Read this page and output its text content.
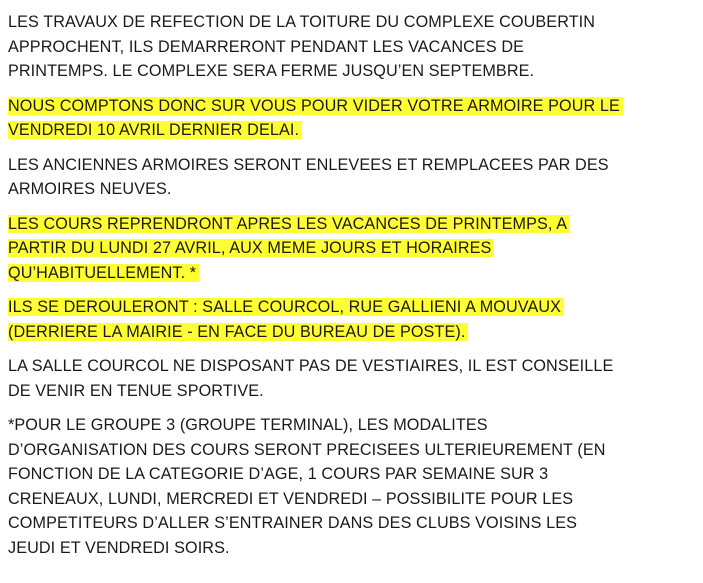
LES TRAVAUX DE REFECTION DE LA TOITURE DU COMPLEXE COUBERTIN
APPROCHENT, ILS DEMARRERONT PENDANT LES VACANCES DE
PRINTEMPS. LE COMPLEXE SERA FERME JUSQU’EN SEPTEMBRE.

NOUS COMPTONS DONC SUR VOUS POUR VIDER VOTRE ARMOIRE POUR LE
VENDREDI 10 AVRIL DERNIER DELAI.

LES ANCIENNES ARMOIRES SERONT ENLEVEES ET REMPLACEES PAR DES
ARMOIRES NEUVES.

LES COURS REPRENDRONT APRES LES VACANCES DE PRINTEMPS, A
PARTIR DU LUNDI 27 AVRIL, AUX MEME JOURS ET HORAIRES
QU’HABITUELLEMENT. *

ILS SE DEROULERONT : SALLE COURCOL, RUE GALLIENI A MOUVAUX
(DERRIERE LA MAIRIE - EN FACE DU BUREAU DE POSTE).

LA SALLE COURCOL NE DISPOSANT PAS DE VESTIAIRES, IL EST CONSEILLE
DE VENIR EN TENUE SPORTIVE.

*POUR LE GROUPE 3 (GROUPE TERMINAL), LES MODALITES
D’ORGANISATION DES COURS SERONT PRECISEES ULTERIEUREMENT (EN
FONCTION DE LA CATEGORIE D’AGE, 1 COURS PAR SEMAINE SUR 3
CRENEAUX, LUNDI, MERCREDI ET VENDREDI – POSSIBILITE POUR LES
COMPETITEURS D’ALLER S’ENTRAINER DANS DES CLUBS VOISINS LES
JEUDI ET VENDREDI SOIRS.
